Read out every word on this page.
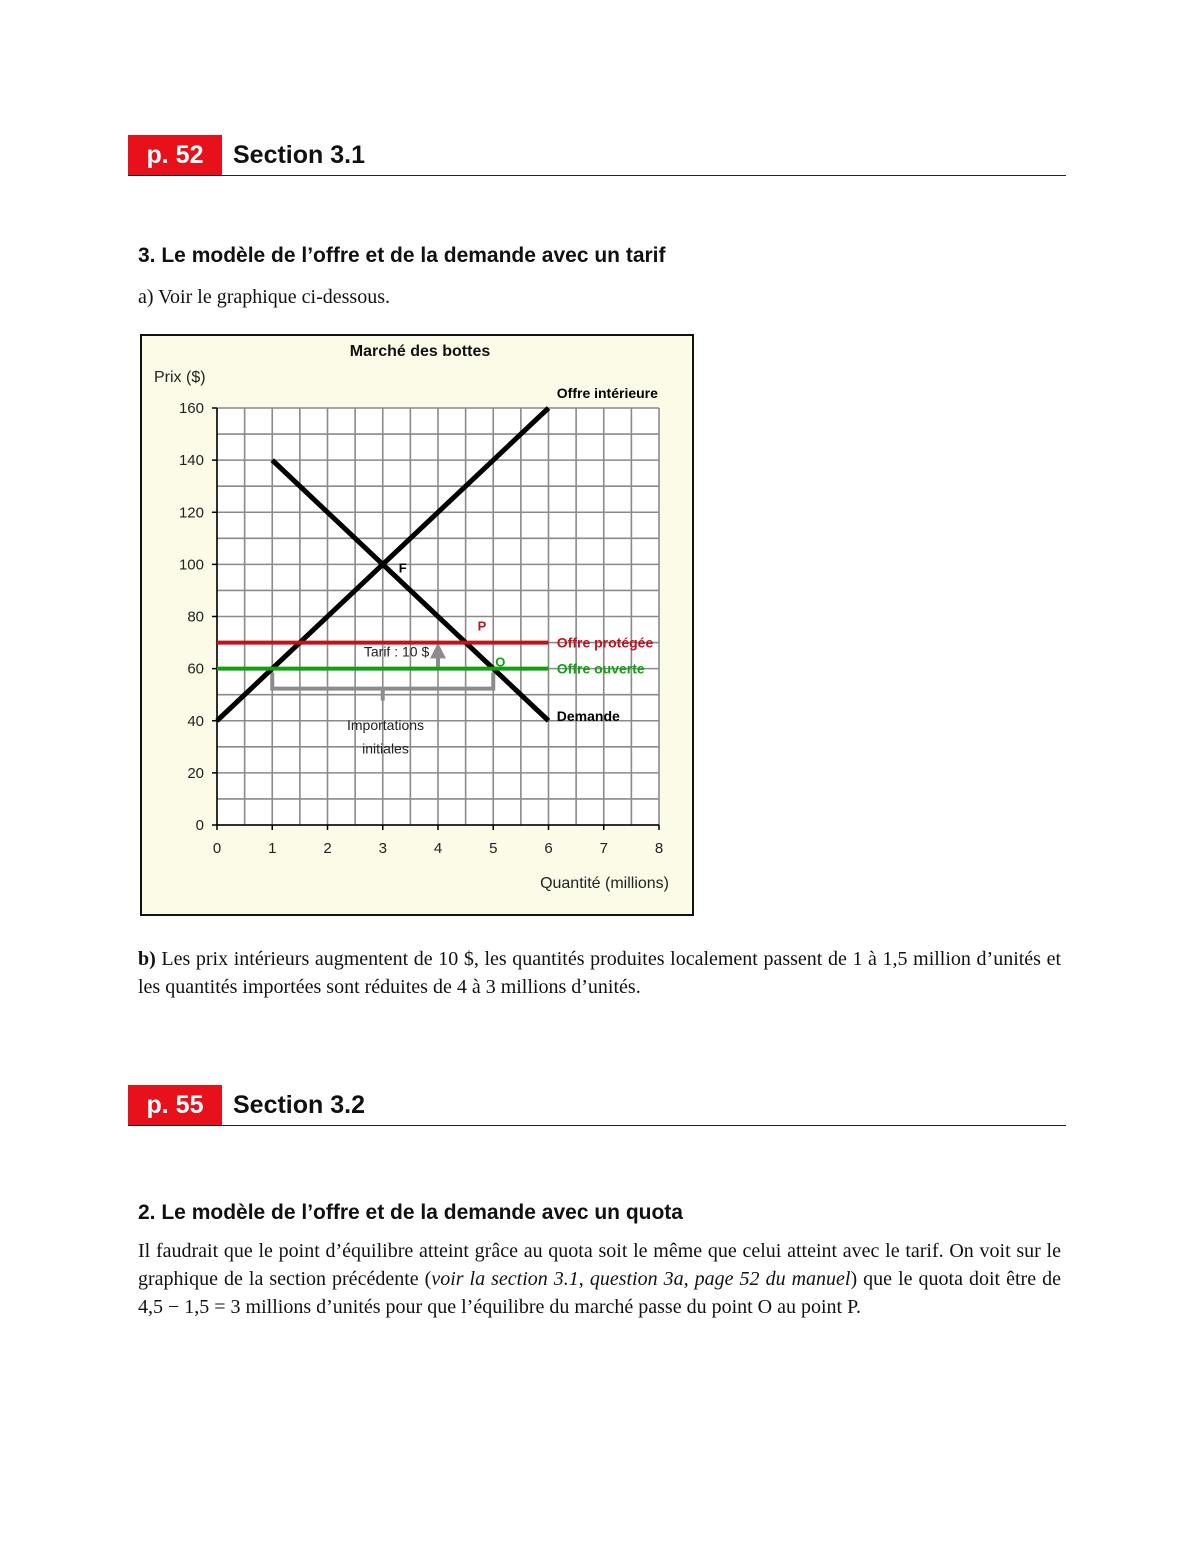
p. 52	Section 3.1
3. Le modèle de l’offre et de la demande avec un tarif
a) Voir le graphique ci-dessous.
0	1	2	3	4	5	6	7	8
0
20
40
60
80
100
120
140
160
Marché des bottes
Prix ($)
Quantité (millions)
Offre intérieure
Demande
Offre protégée
Offre ouverte
F
P
O
Tarif : 10 $
Importations
initiales
b) Les prix intérieurs augmentent de 10 $, les quantités produites localement passent de 1 à 1,5 million d’unités et les quantités importées sont réduites de 4 à 3 millions d’unités.
p. 55	Section 3.2
2. Le modèle de l’offre et de la demande avec un quota
Il faudrait que le point d’équilibre atteint grâce au quota soit le même que celui atteint avec le tarif. On voit sur le graphique de la section précédente (voir la section 3.1, question 3a, page 52 du manuel) que le quota doit être de 4,5 − 1,5 = 3 millions d’unités pour que l’équilibre du marché passe du point O au point P.
